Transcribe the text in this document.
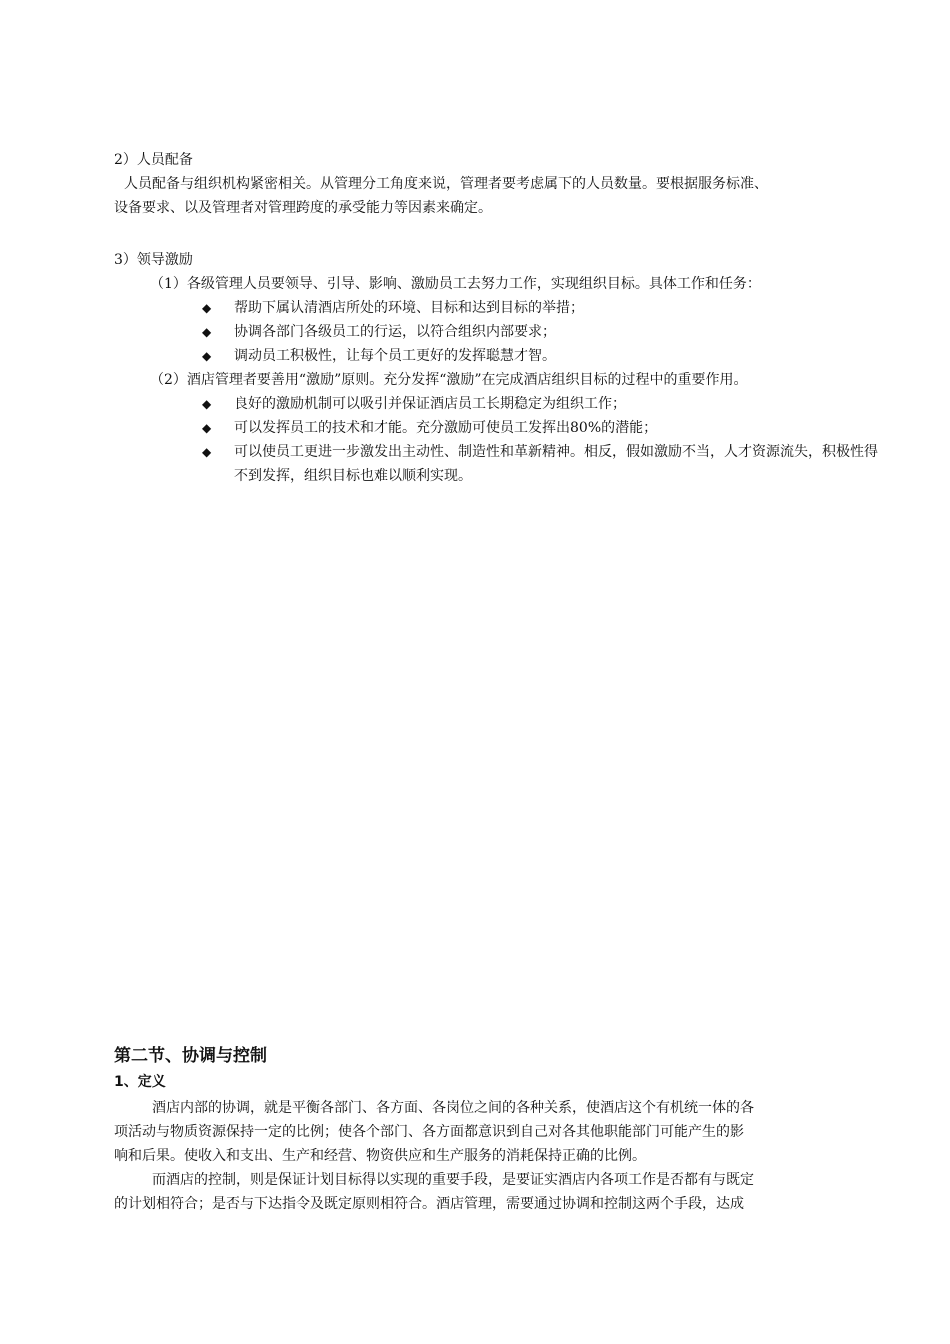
2）人员配备
人员配备与组织机构紧密相关。从管理分工角度来说，管理者要考虑属下的人员数量。要根据服务标准、
设备要求、以及管理者对管理跨度的承受能力等因素来确定。
3）领导激励
（1）各级管理人员要领导、引导、影响、激励员工去努力工作，实现组织目标。具体工作和任务：
◆	帮助下属认清酒店所处的环境、目标和达到目标的举措；
◆	协调各部门各级员工的行运，以符合组织内部要求；
◆	调动员工积极性，让每个员工更好的发挥聪慧才智。
（2）酒店管理者要善用“激励”原则。充分发挥“激励”在完成酒店组织目标的过程中的重要作用。
◆	良好的激励机制可以吸引并保证酒店员工长期稳定为组织工作；
◆	可以发挥员工的技术和才能。充分激励可使员工发挥出80%的潜能；
◆	可以使员工更进一步激发出主动性、制造性和革新精神。相反，假如激励不当，人才资源流失，积极性得不到发挥，组织目标也难以顺利实现。
第二节、协调与控制
1、定义
酒店内部的协调，就是平衡各部门、各方面、各岗位之间的各种关系，使酒店这个有机统一体的各
项活动与物质资源保持一定的比例；使各个部门、各方面都意识到自己对各其他职能部门可能产生的影
响和后果。使收入和支出、生产和经营、物资供应和生产服务的消耗保持正确的比例。
而酒店的控制，则是保证计划目标得以实现的重要手段，是要证实酒店内各项工作是否都有与既定
的计划相符合；是否与下达指令及既定原则相符合。酒店管理，需要通过协调和控制这两个手段，达成
